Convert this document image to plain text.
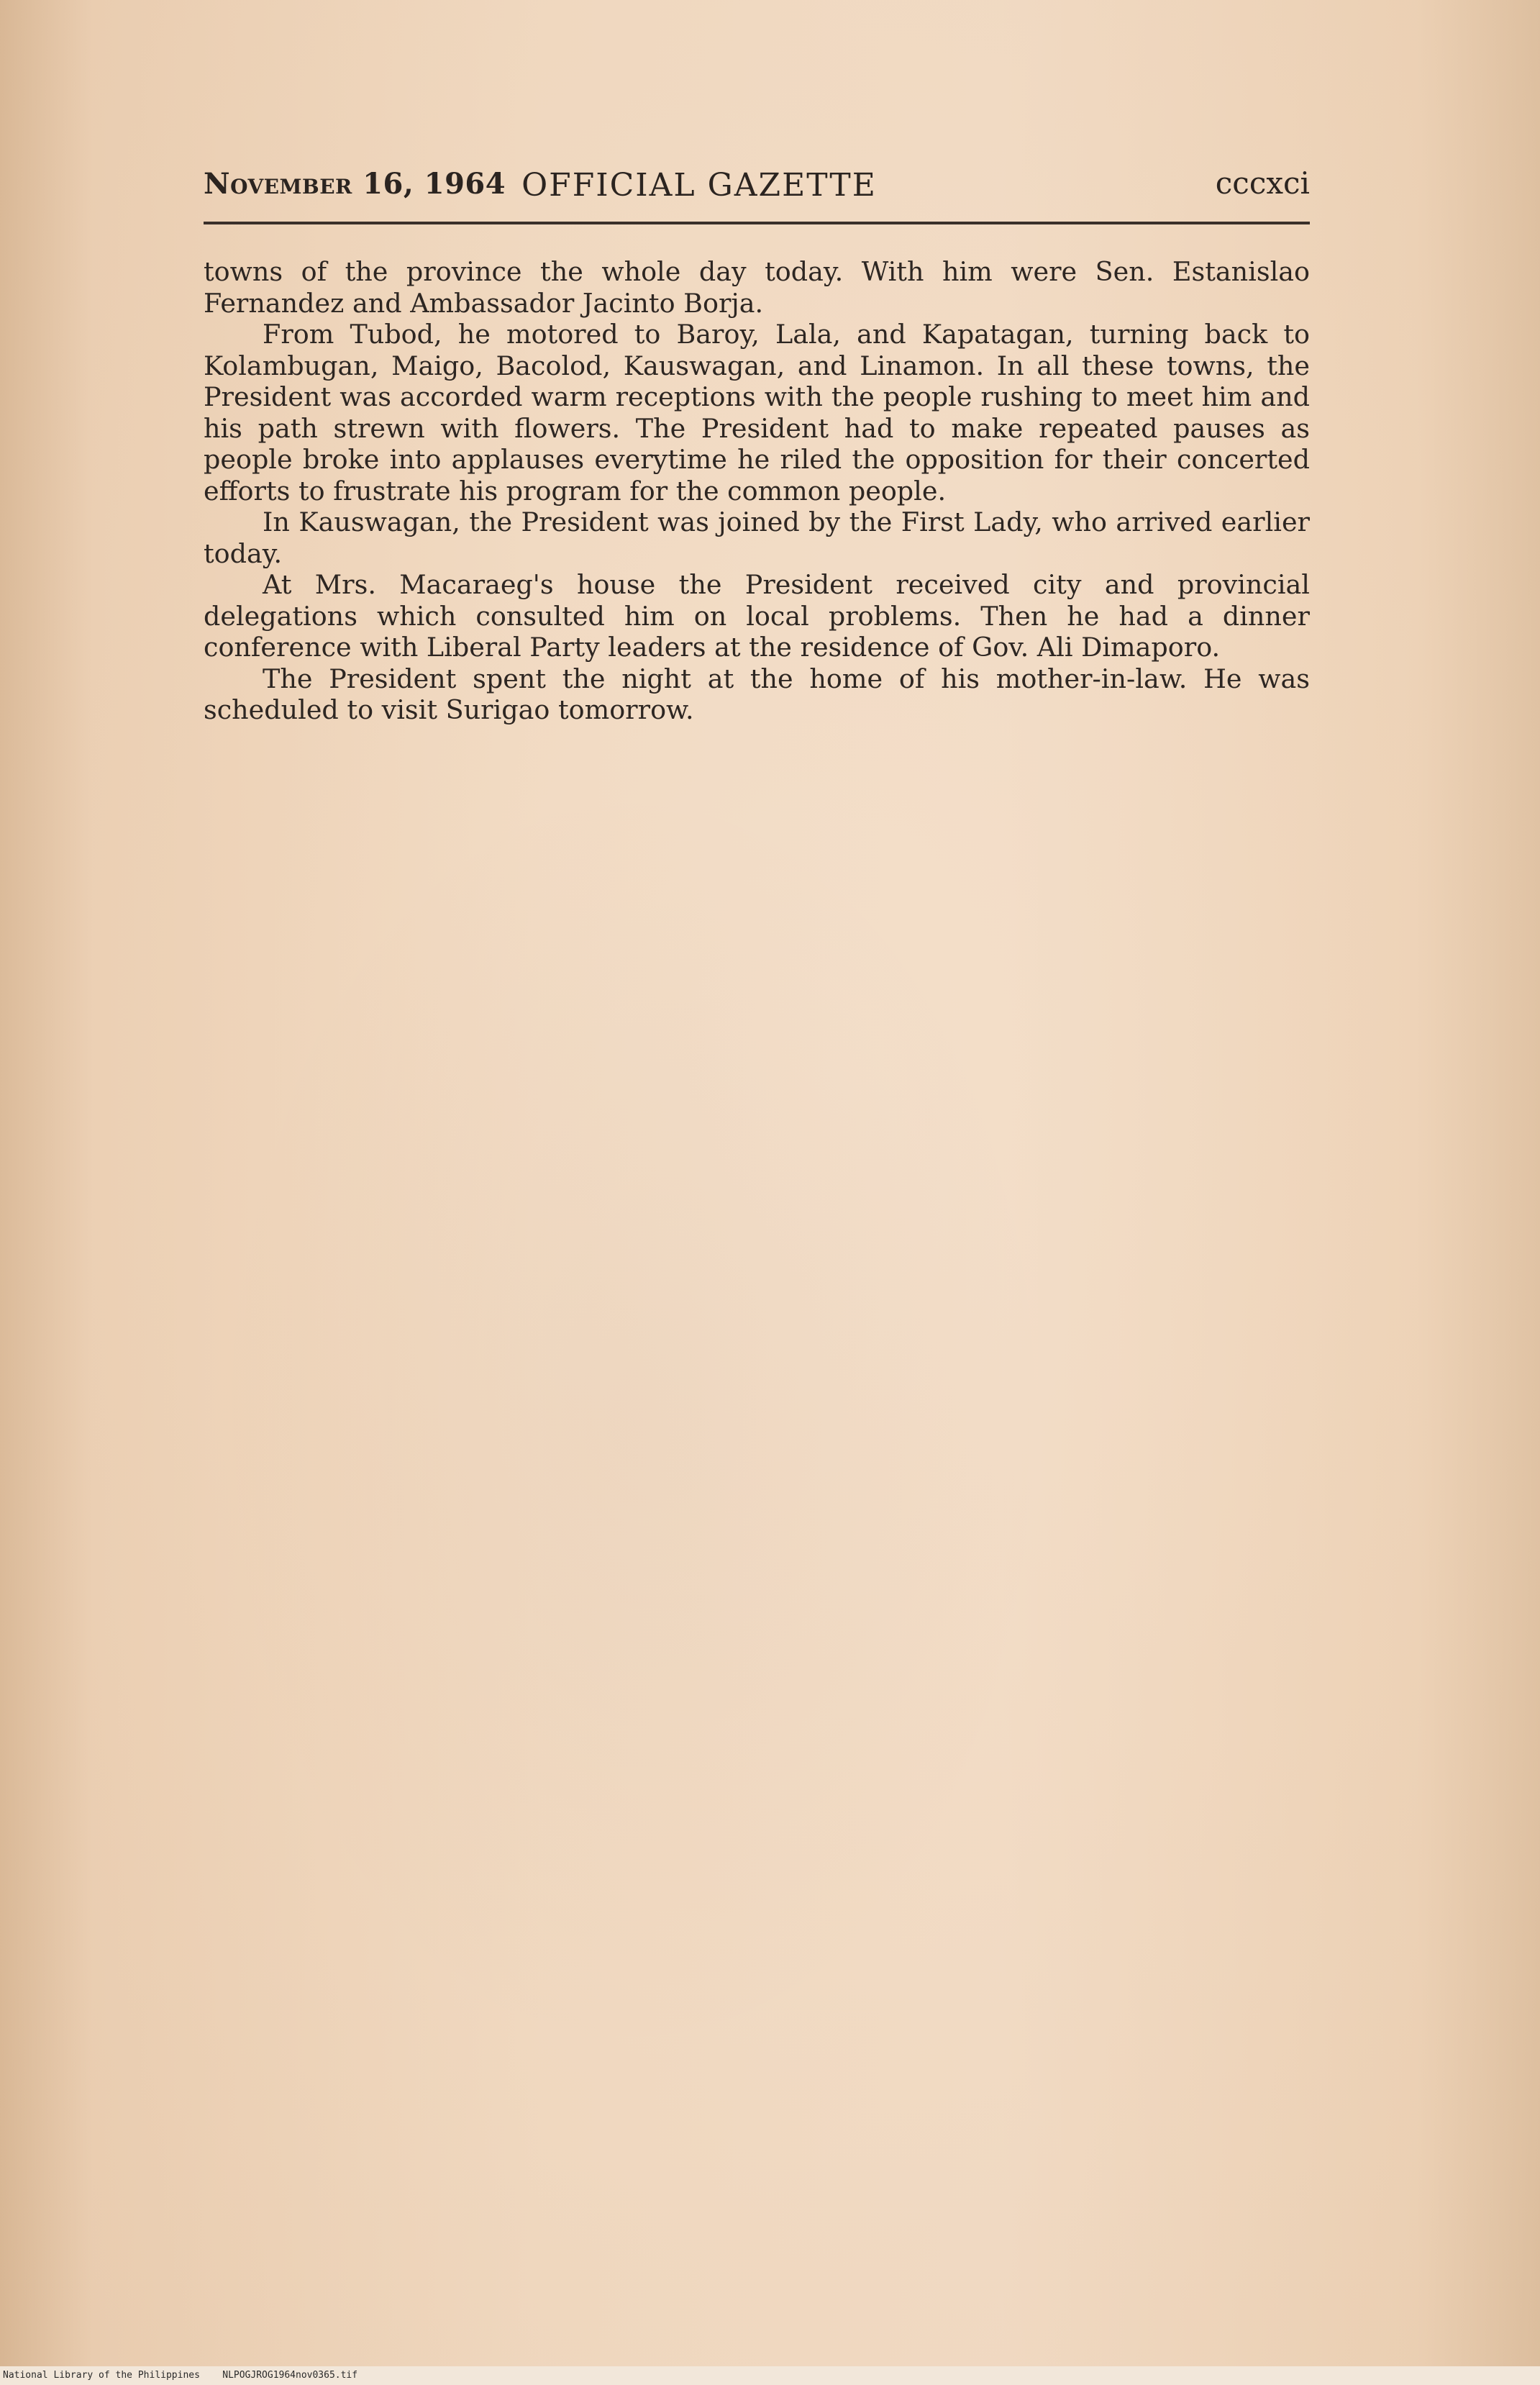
November 16, 1964 OFFICIAL GAZETTE	cccxci

towns of the province the whole day today. With him were Sen. Estanislao Fernandez and Ambassador Jacinto Borja.

From Tubod, he motored to Baroy, Lala, and Kapatagan, turning back to Kolambugan, Maigo, Bacolod, Kauswagan, and Linamon. In all these towns, the President was accorded warm receptions with the people rushing to meet him and his path strewn with flowers. The President had to make repeated pauses as people broke into applauses everytime he riled the opposition for their concerted efforts to frustrate his program for the common people.

In Kauswagan, the President was joined by the First Lady, who arrived earlier today.

At Mrs. Macaraeg's house the President received city and provincial delegations which consulted him on local problems. Then he had a dinner conference with Liberal Party leaders at the residence of Gov. Ali Dimaporo.

The President spent the night at the home of his mother-in-law. He was scheduled to visit Surigao tomorrow.

National Library of the Philippines NLPOGJROG1964nov0365.tif
